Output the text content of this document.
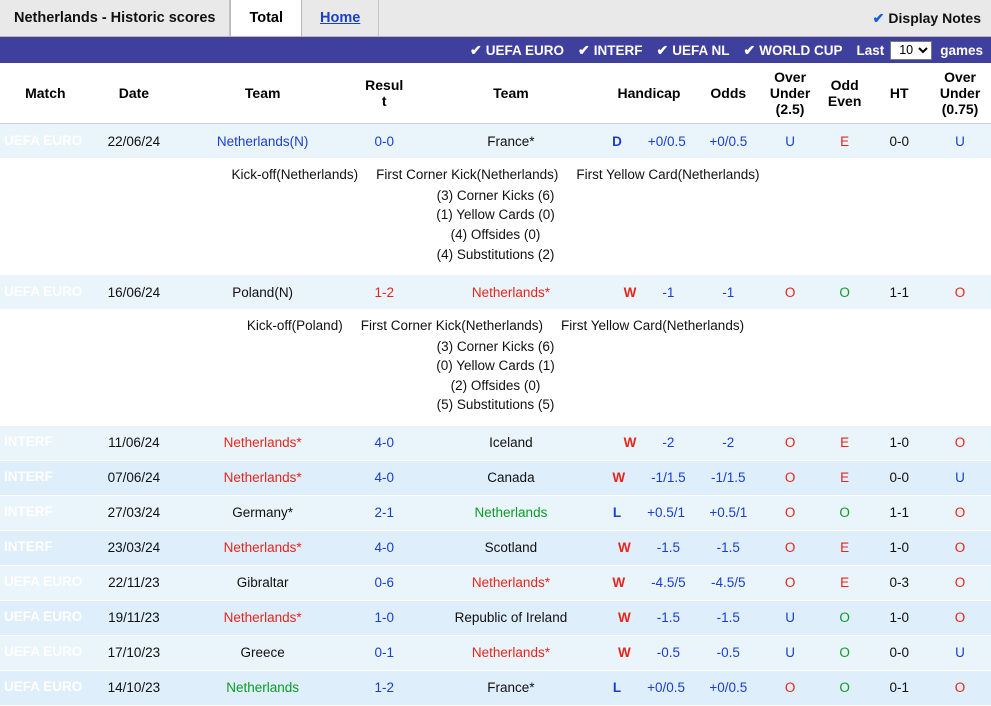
Netherlands - Historic scores	Total	Home	✔ Display Notes
✔ UEFA EURO ✔ INTERF ✔ UEFA NL ✔ WORLD CUP Last
10	games
Match	Date	Team	Resul
t	Team	Handicap	Odds	Over
Under
(2.5)	Odd
Even	HT	Over
Under
(0.75)
UEFA EURO	22/06/24	Netherlands(N)	0-0	France*	D +0/0.5	+0/0.5	U	E	0-0	U

Kick-off(Netherlands) First Corner Kick(Netherlands) First Yellow Card(Netherlands)
(3) Corner Kicks (6)
(1) Yellow Cards (0)
(4) Offsides (0)
(4) Substitutions (2)

UEFA EURO	16/06/24	Poland(N)	1-2	Netherlands*	W -1	-1	O	O	1-1	O

Kick-off(Poland) First Corner Kick(Netherlands) First Yellow Card(Netherlands)
(3) Corner Kicks (6)
(0) Yellow Cards (1)
(2) Offsides (0)
(5) Substitutions (5)

INTERF	11/06/24	Netherlands*	4-0	Iceland	W -2	-2	O	E	1-0	O
INTERF	07/06/24	Netherlands*	4-0	Canada	W -1/1.5	-1/1.5	O	E	0-0	U
INTERF	27/03/24	Germany*	2-1	Netherlands	L +0.5/1	+0.5/1	O	O	1-1	O
INTERF	23/03/24	Netherlands*	4-0	Scotland	W -1.5	-1.5	O	E	1-0	O
UEFA EURO	22/11/23	Gibraltar	0-6	Netherlands*	W -4.5/5	-4.5/5	O	E	0-3	O
UEFA EURO	19/11/23	Netherlands*	1-0	Republic of Ireland	W -1.5	-1.5	U	O	1-0	O
UEFA EURO	17/10/23	Greece	0-1	Netherlands*	W -0.5	-0.5	U	O	0-0	U
UEFA EURO	14/10/23	Netherlands	1-2	France*	L +0/0.5	+0/0.5	O	O	0-1	O
